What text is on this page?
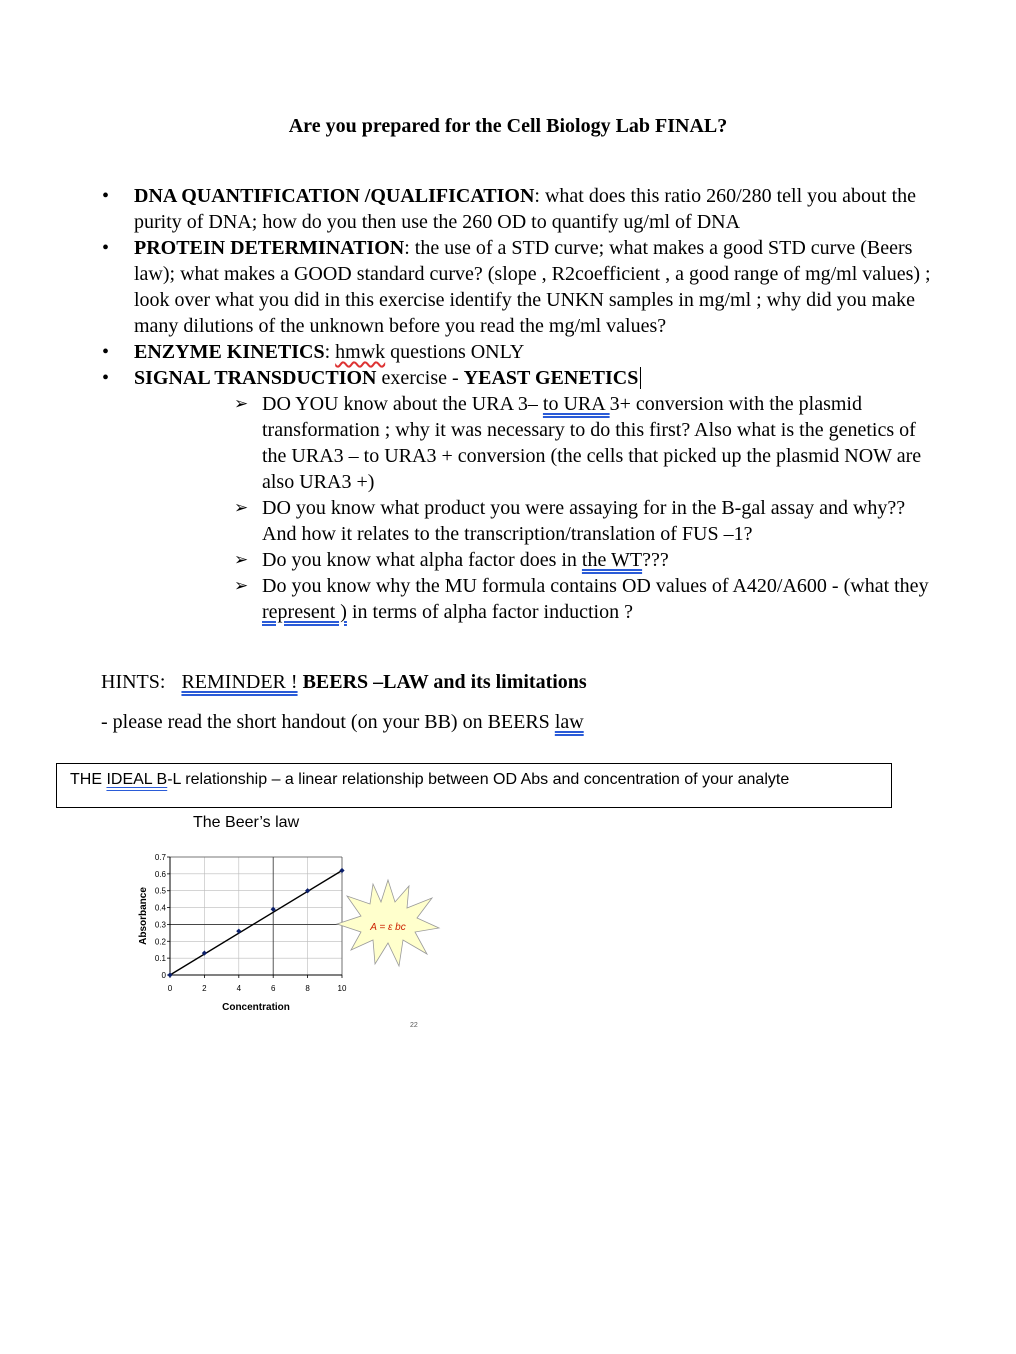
Are you prepared for the Cell Biology Lab FINAL?
• DNA QUANTIFICATION /QUALIFICATION: what does this ratio 260/280 tell you about the purity of DNA; how do you then use the 260 OD to quantify ug/ml of DNA
• PROTEIN DETERMINATION: the use of a STD curve; what makes a good STD curve (Beers law); what makes a GOOD standard curve? (slope , R2coefficient , a good range of mg/ml values) ; look over what you did in this exercise identify the UNKN samples in mg/ml ; why did you make many dilutions of the unknown before you read the mg/ml values?
• ENZYME KINETICS: hmwk questions ONLY
• SIGNAL TRANSDUCTION exercise - YEAST GENETICS
➢ DO YOU know about the URA 3– to URA 3+ conversion with the plasmid transformation ; why it was necessary to do this first? Also what is the genetics of the URA3 – to URA3 + conversion (the cells that picked up the plasmid NOW are also URA3 +)
➢ DO you know what product you were assaying for in the B-gal assay and why?? And how it relates to the transcription/translation of FUS –1?
➢ Do you know what alpha factor does in the WT???
➢ Do you know why the MU formula contains OD values of A420/A600 - (what they represent ) in terms of alpha factor induction ?
HINTS: REMINDER ! BEERS –LAW and its limitations
- please read the short handout (on your BB) on BEERS law
THE IDEAL B-L relationship – a linear relationship between OD Abs and concentration of your analyte
The Beer’s law
0
0.1
0.2
0.3
0.4
0.5
0.6
0.7
0	2	4	6	8	10
Concentration
Absorbance	A = ε bc
22
